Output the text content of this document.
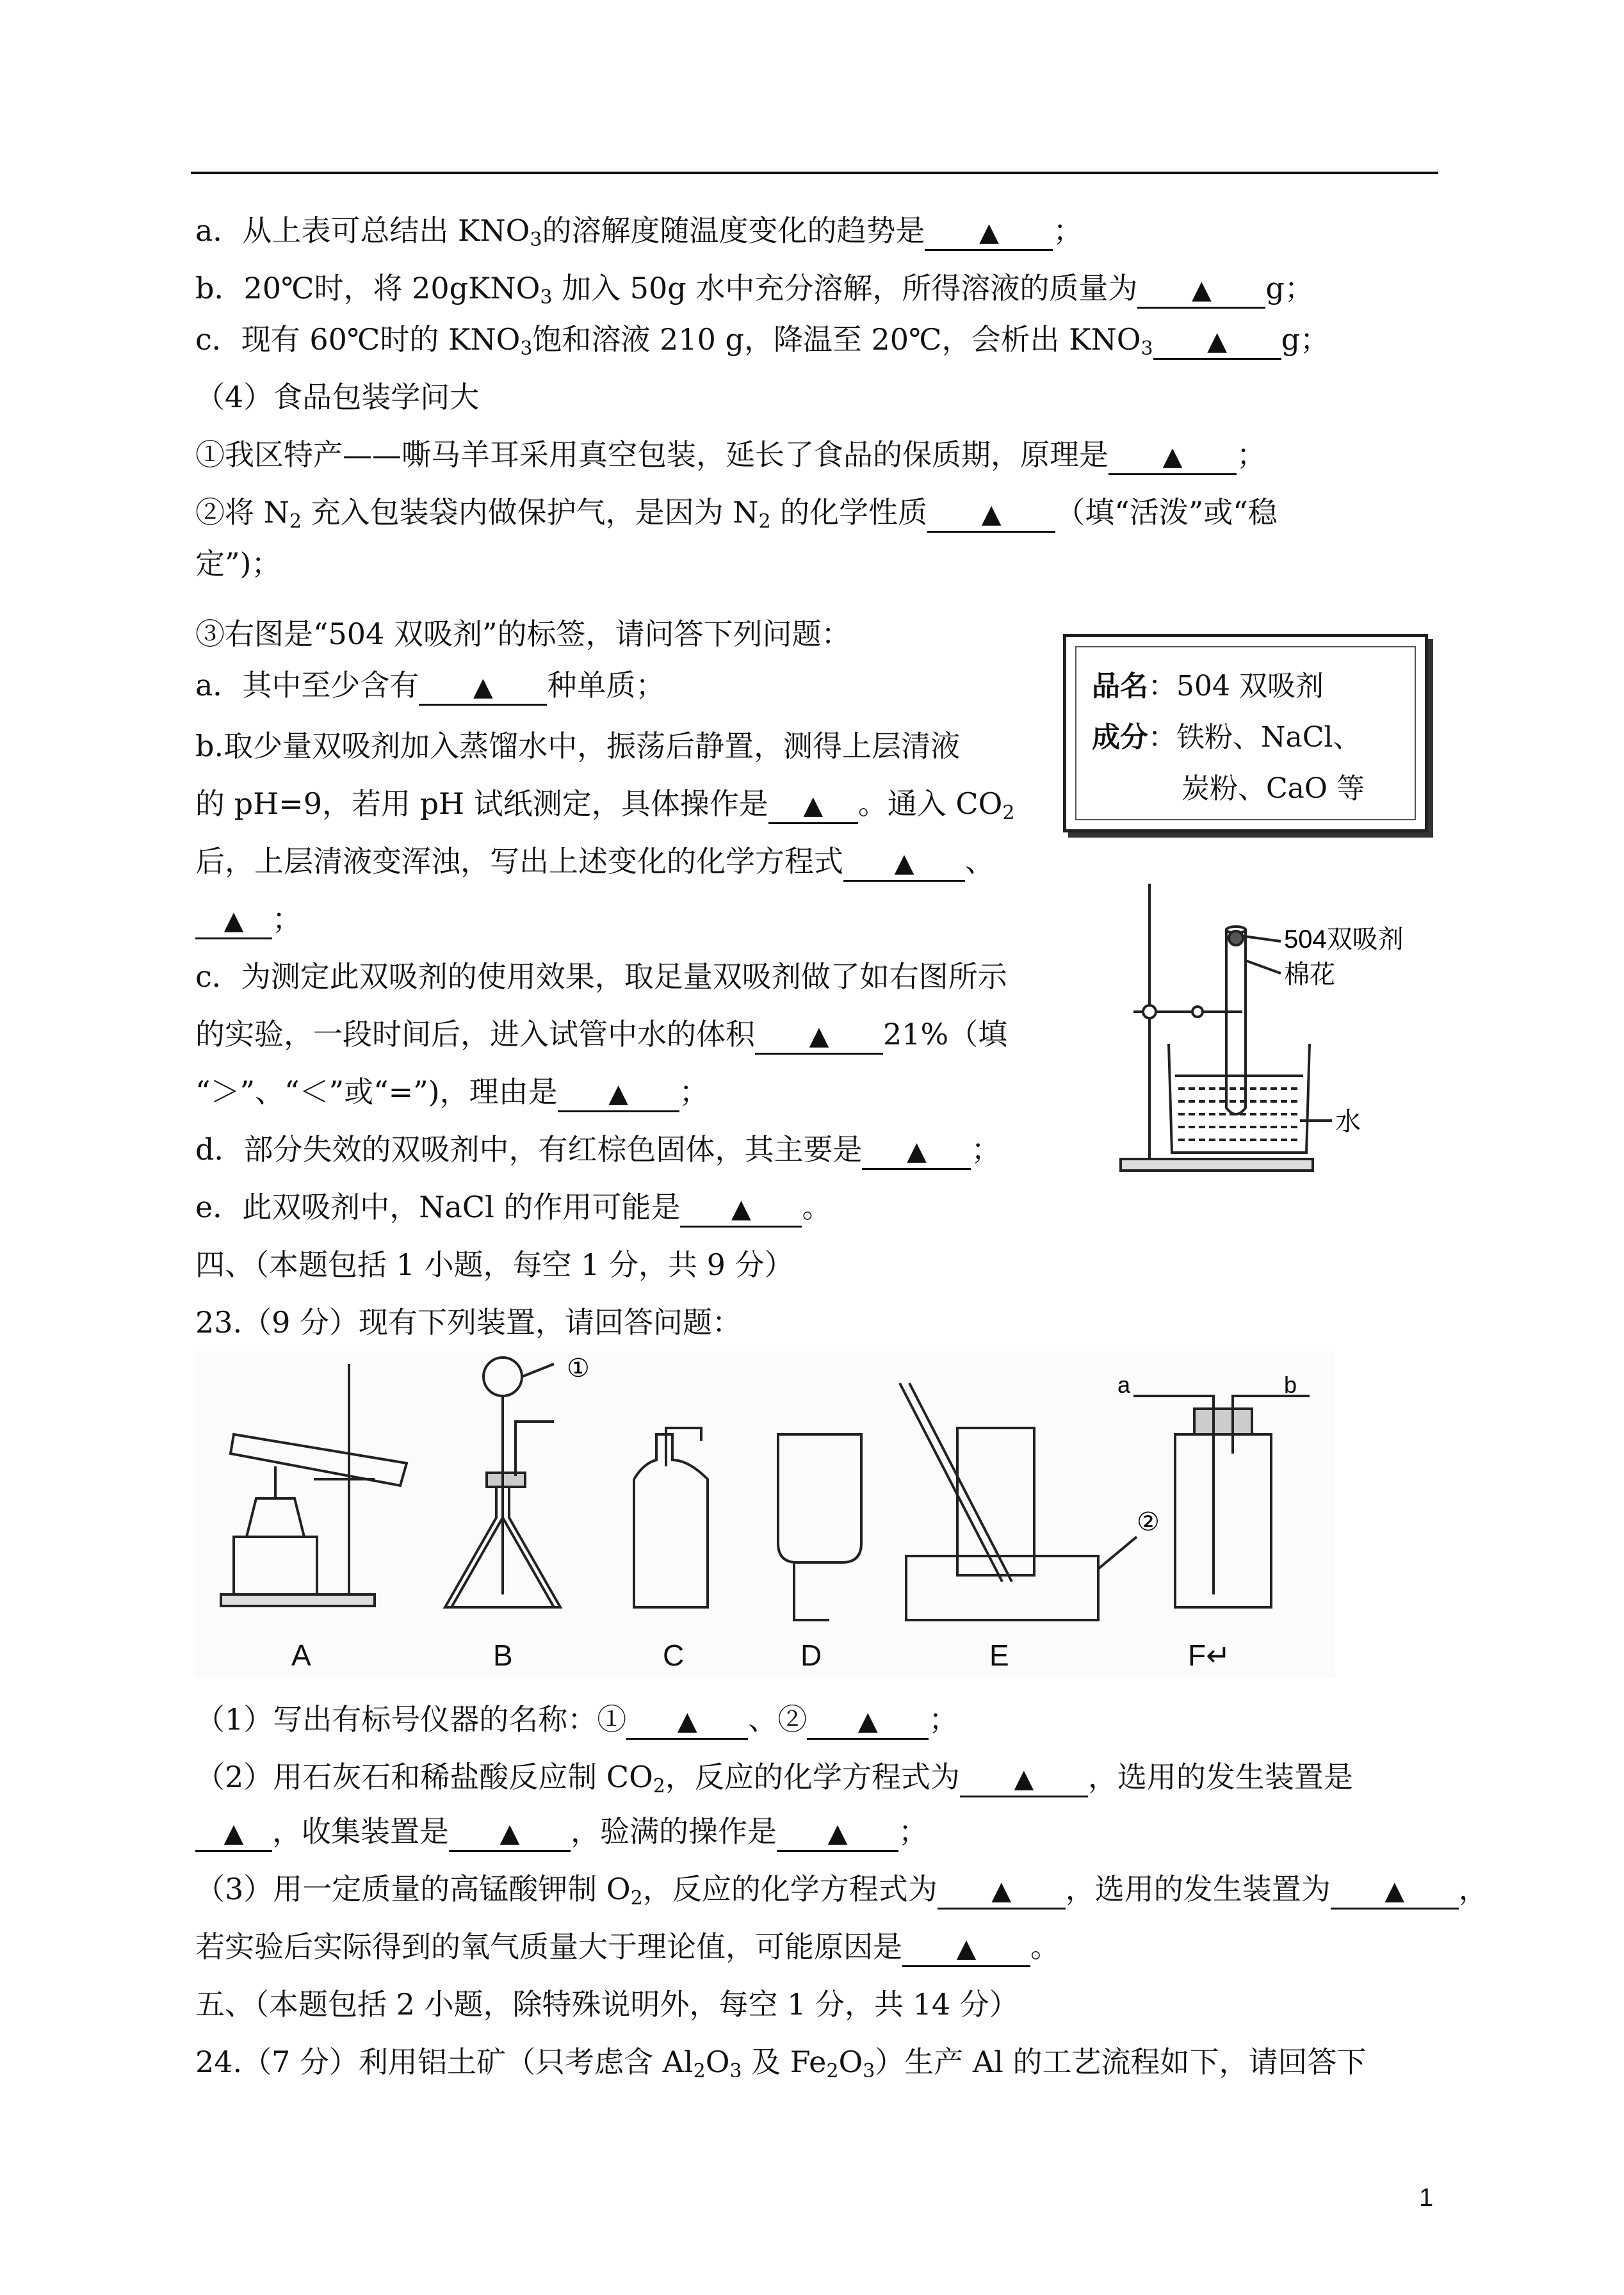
a．从上表可总结出 $KNO_3$的溶解度随温度变化的趋势是 ▲ ；
b．20℃时，将 20gKNO$_3$ 加入 50g 水中充分溶解，所得溶液的质量为 ▲ g；
c．现有 60℃时的 $KNO_3$饱和溶液 210 g，降温至 20℃，会析出 $KNO_3$ ▲ g；
（4）食品包装学问大
①我区特产——嘶马羊耳采用真空包装，延长了食品的保质期，原理是 ▲ ；
②将 $N_2$ 充入包装袋内做保护气，是因为 $N_2$ 的化学性质 ▲ （填“活泼”或“稳
定”)；
③右图是“504 双吸剂”的标签，请问答下列问题：
a．其中至少含有 ▲ 种单质；
b.取少量双吸剂加入蒸馏水中，振荡后静置，测得上层清液
的 pH=9，若用 pH 试纸测定，具体操作是 ▲ 。通入 $CO_2$
后，上层清液变浑浊，写出上述变化的化学方程式 ▲ 、
▲ ；
c．为测定此双吸剂的使用效果，取足量双吸剂做了如右图所示
的实验，一段时间后，进入试管中水的体积 ▲ 21%（填
“＞”、“＜”或“=”)，理由是 ▲ ；
d．部分失效的双吸剂中，有红棕色固体，其主要是 ▲ ；
e．此双吸剂中，NaCl 的作用可能是 ▲ 。
四、（本题包括 1 小题，每空 1 分，共 9 分）
23.（9 分）现有下列装置，请回答问题：
（1）写出有标号仪器的名称：① ▲ 、② ▲ ；
（2）用石灰石和稀盐酸反应制 $CO_2$，反应的化学方程式为 ▲ ，选用的发生装置是
▲ ，收集装置是 ▲ ，验满的操作是 ▲ ；
（3）用一定质量的高锰酸钾制 $O_2$，反应的化学方程式为 ▲ ，选用的发生装置为 ▲ ，
若实验后实际得到的氧气质量大于理论值，可能原因是 ▲ 。
五、（本题包括 2 小题，除特殊说明外，每空 1 分，共 14 分）
24.（7 分）利用铝土矿（只考虑含 $Al_2O_3$ 及 $Fe_2O_3$）生产 Al 的工艺流程如下，请回答下
品名：504 双吸剂
成分：铁粉、NaCl、
炭粉、CaO 等
504双吸剂
棉花
水
①
②
a	b
A	B	C	D	E	F↵
1
